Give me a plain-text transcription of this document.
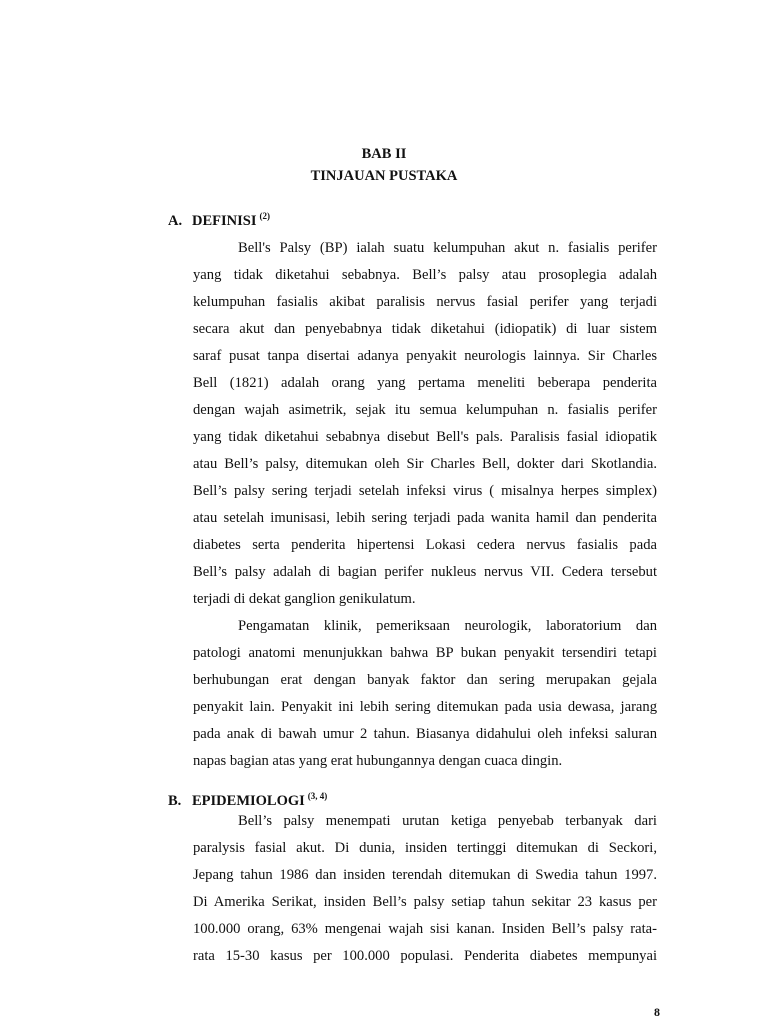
BAB II
TINJAUAN PUSTAKA
A. DEFINISI $^{(2)}$
Bell's Palsy (BP) ialah suatu kelumpuhan akut n. fasialis perifer
yang tidak diketahui sebabnya. Bell’s palsy atau prosoplegia adalah
kelumpuhan fasialis akibat paralisis nervus fasial perifer yang terjadi
secara akut dan penyebabnya tidak diketahui (idiopatik) di luar sistem
saraf pusat tanpa disertai adanya penyakit neurologis lainnya. Sir Charles
Bell (1821) adalah orang yang pertama meneliti beberapa penderita
dengan wajah asimetrik, sejak itu semua kelumpuhan n. fasialis perifer
yang tidak diketahui sebabnya disebut Bell's pals. Paralisis fasial idiopatik
atau Bell’s palsy, ditemukan oleh Sir Charles Bell, dokter dari Skotlandia.
Bell’s palsy sering terjadi setelah infeksi virus ( misalnya herpes simplex)
atau setelah imunisasi, lebih sering terjadi pada wanita hamil dan penderita
diabetes serta penderita hipertensi Lokasi cedera nervus fasialis pada
Bell’s palsy adalah di bagian perifer nukleus nervus VII. Cedera tersebut
terjadi di dekat ganglion genikulatum.
Pengamatan klinik, pemeriksaan neurologik, laboratorium dan
patologi anatomi menunjukkan bahwa BP bukan penyakit tersendiri tetapi
berhubungan erat dengan banyak faktor dan sering merupakan gejala
penyakit lain. Penyakit ini lebih sering ditemukan pada usia dewasa, jarang
pada anak di bawah umur 2 tahun. Biasanya didahului oleh infeksi saluran
napas bagian atas yang erat hubungannya dengan cuaca dingin.
B. EPIDEMIOLOGI $^{(3, 4)}$
Bell’s palsy menempati urutan ketiga penyebab terbanyak dari
paralysis fasial akut. Di dunia, insiden tertinggi ditemukan di Seckori,
Jepang tahun 1986 dan insiden terendah ditemukan di Swedia tahun 1997.
Di Amerika Serikat, insiden Bell’s palsy setiap tahun sekitar 23 kasus per
100.000 orang, 63% mengenai wajah sisi kanan. Insiden Bell’s palsy rata-
rata 15-30 kasus per 100.000 populasi. Penderita diabetes mempunyai
8
